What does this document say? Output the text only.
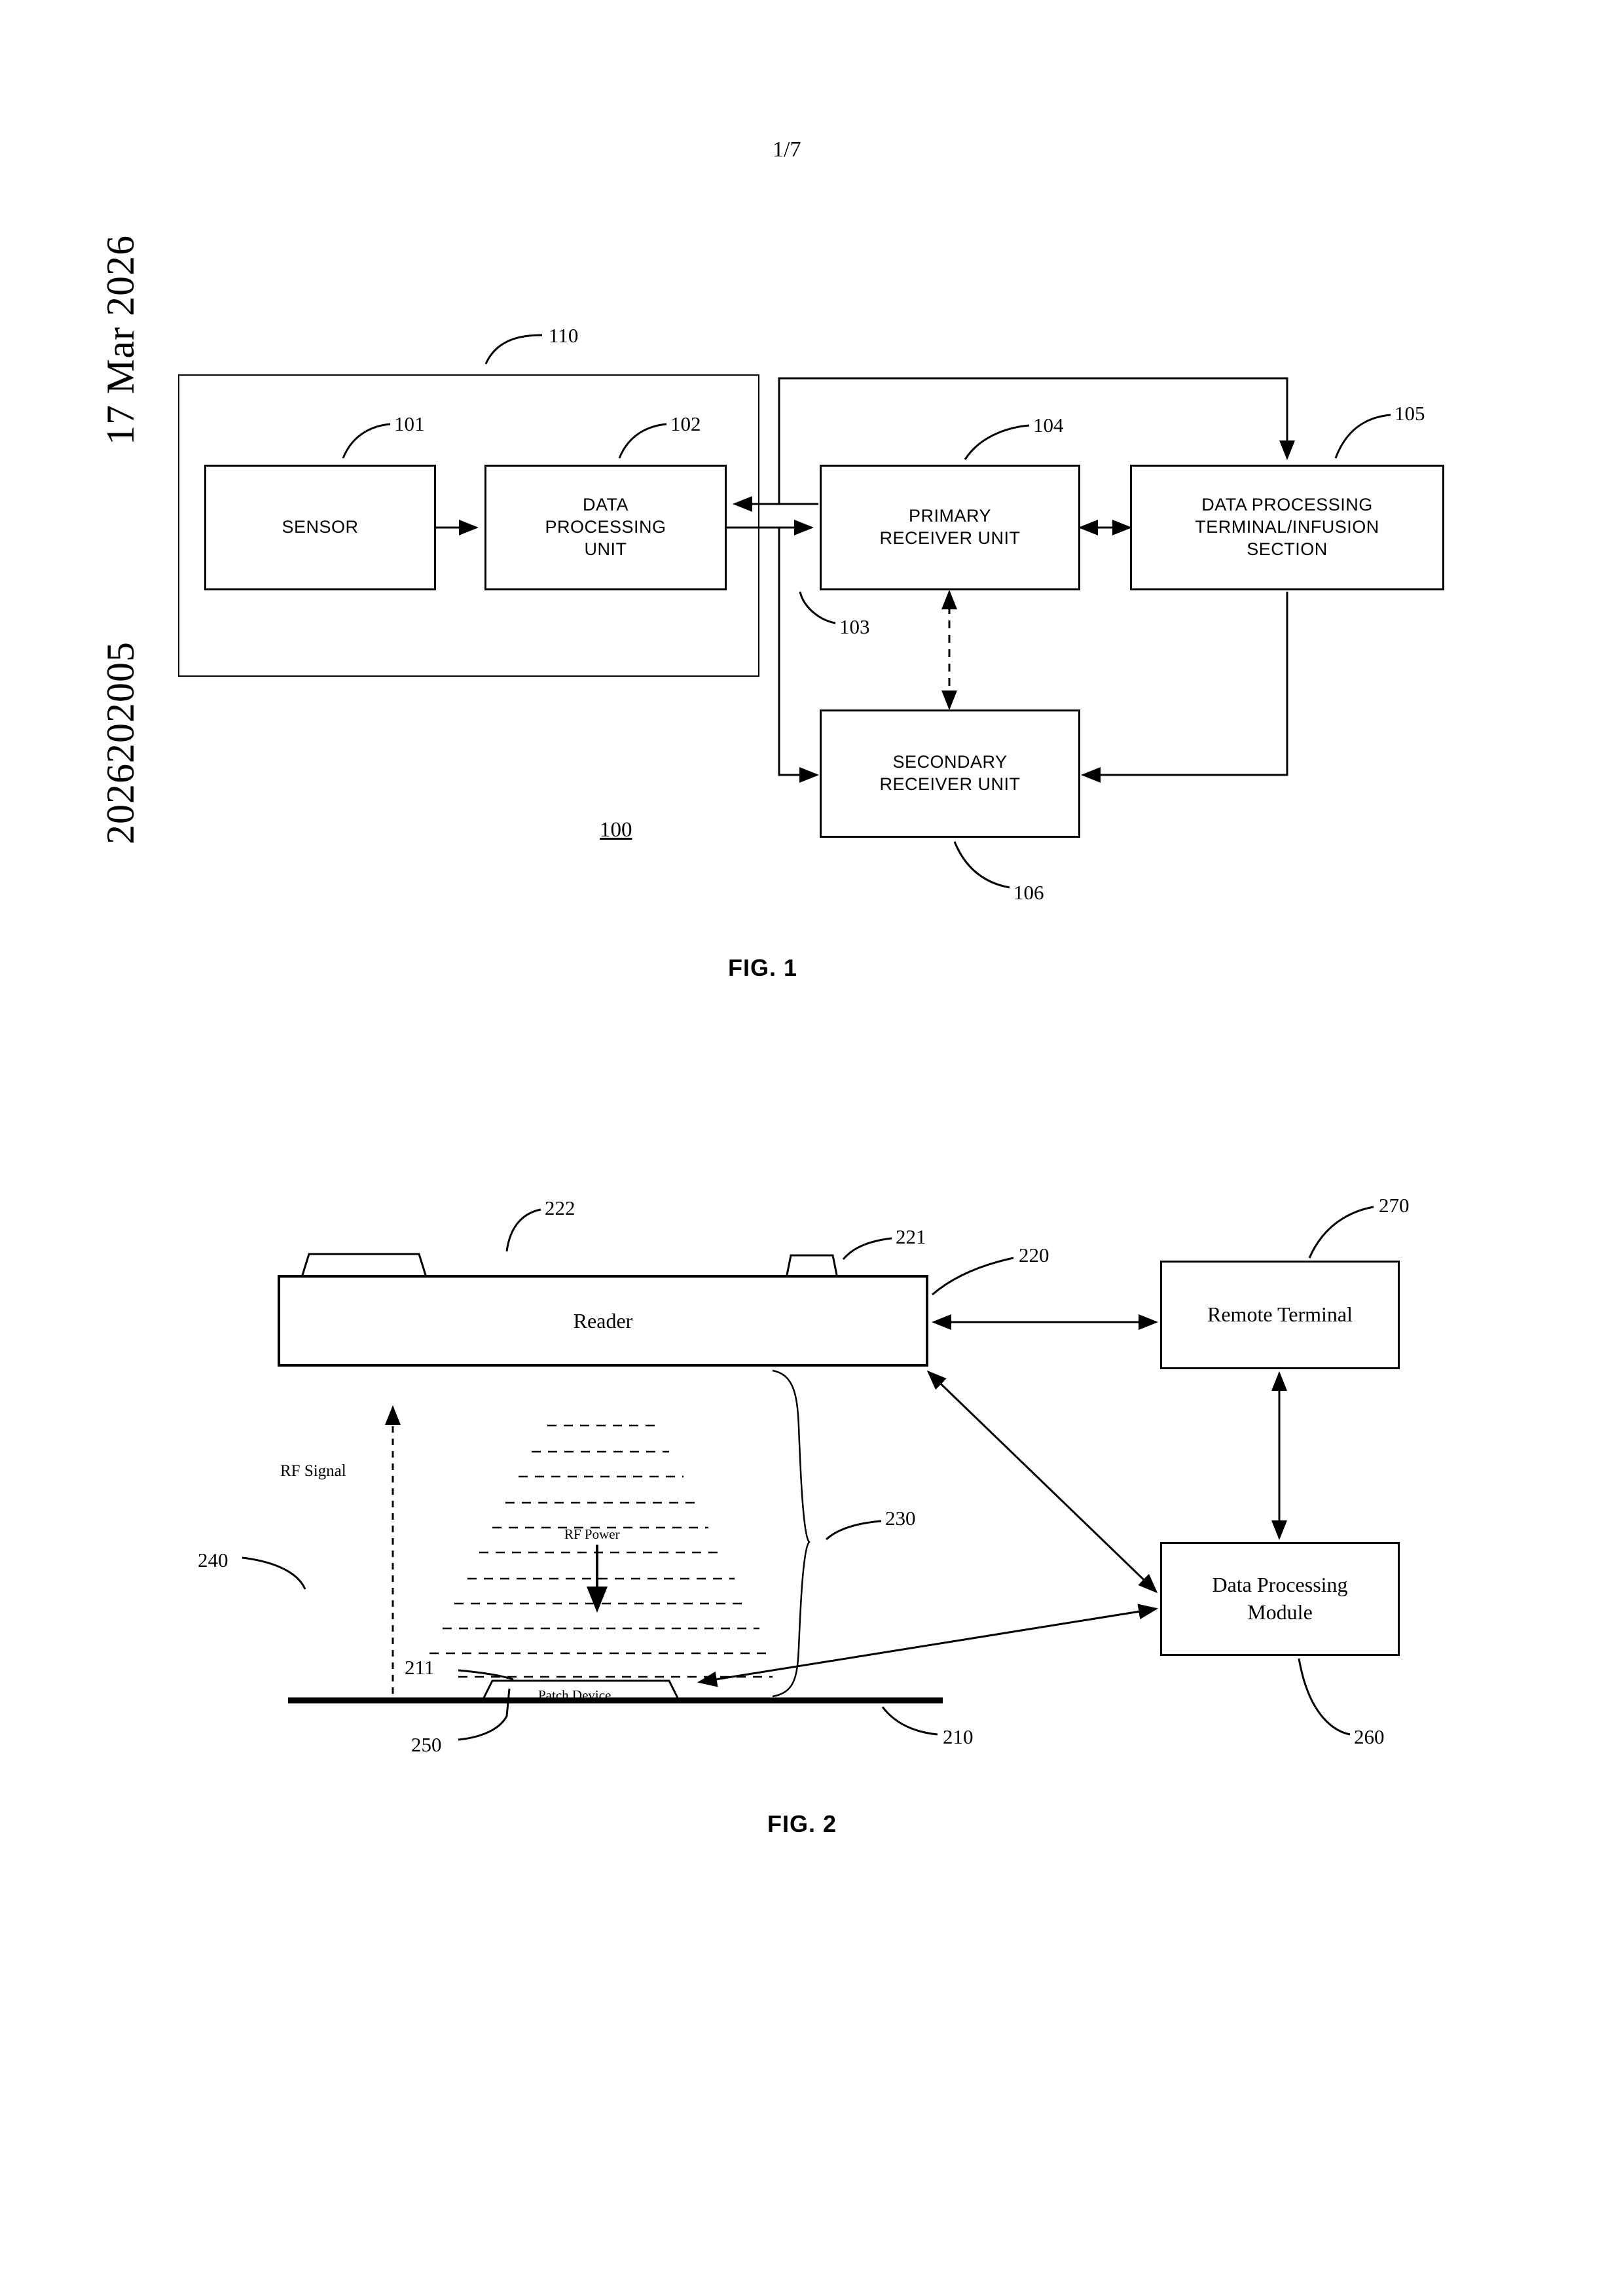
1/7
17 Mar 2026
2026202005
SENSOR
DATA
PROCESSING
UNIT
PRIMARY
RECEIVER UNIT
DATA PROCESSING
TERMINAL/INFUSION
SECTION
SECONDARY
RECEIVER UNIT
110
101	102
103
104
105
106
100
FIG. 1
Reader	Remote Terminal
Data Processing
Module
Patch Device
RF Signal
RF Power
222
221
220
270
230
240
211
250	210	260
FIG. 2
